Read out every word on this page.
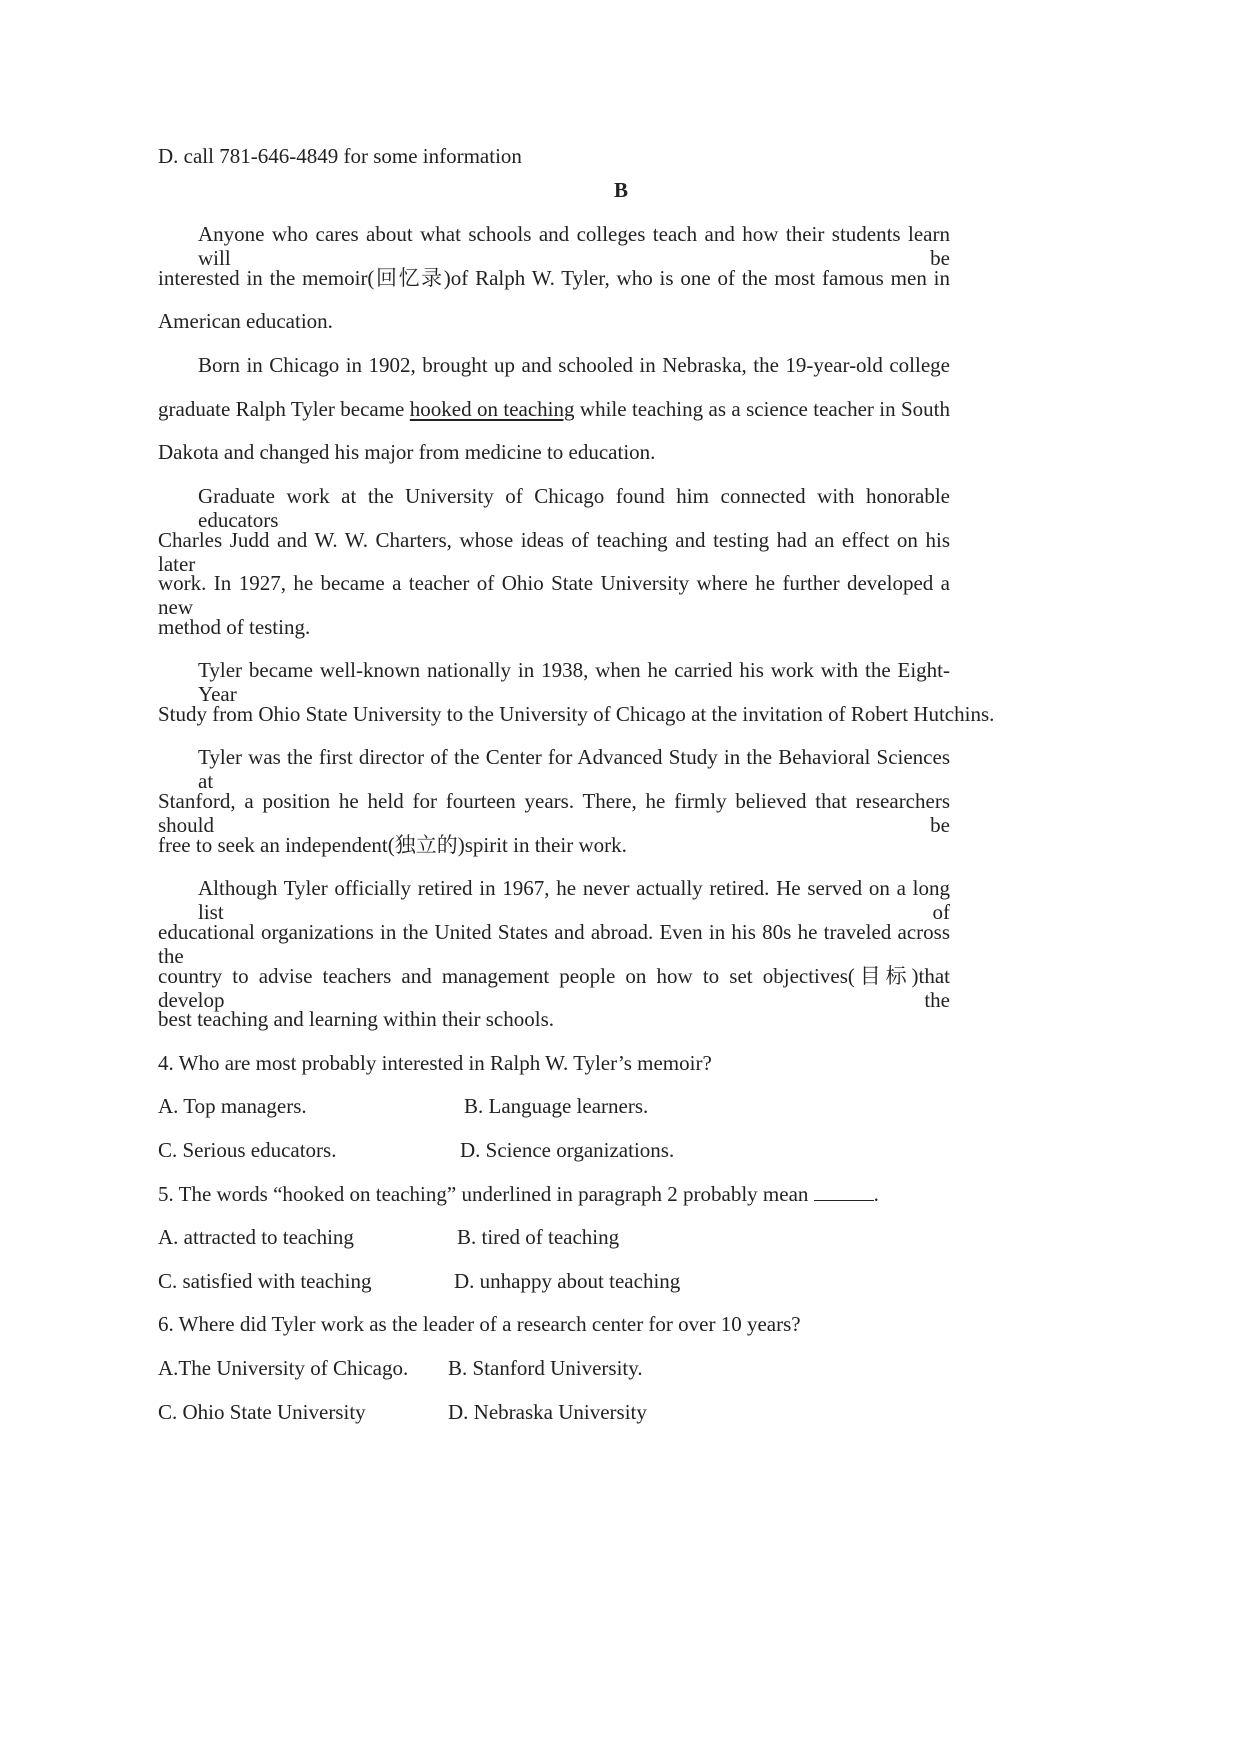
D. call 781-646-4849 for some information
B
Anyone who cares about what schools and colleges teach and how their students learn will be
interested in the memoir(回忆录)of Ralph W. Tyler, who is one of the most famous men in
American education.
Born in Chicago in 1902, brought up and schooled in Nebraska, the 19-year-old college
graduate Ralph Tyler became hooked on teaching while teaching as a science teacher in South
Dakota and changed his major from medicine to education.
Graduate work at the University of Chicago found him connected with honorable educators
Charles Judd and W. W. Charters, whose ideas of teaching and testing had an effect on his later
work. In 1927, he became a teacher of Ohio State University where he further developed a new
method of testing.
Tyler became well-known nationally in 1938, when he carried his work with the Eight-Year
Study from Ohio State University to the University of Chicago at the invitation of Robert Hutchins.
Tyler was the first director of the Center for Advanced Study in the Behavioral Sciences at
Stanford, a position he held for fourteen years. There, he firmly believed that researchers should be
free to seek an independent(独立的)spirit in their work.
Although Tyler officially retired in 1967, he never actually retired. He served on a long list of
educational organizations in the United States and abroad. Even in his 80s he traveled across the
country to advise teachers and management people on how to set objectives(目标)that develop the
best teaching and learning within their schools.
4. Who are most probably interested in Ralph W. Tyler’s memoir?
A. Top managers.	B. Language learners.
C. Serious educators.	D. Science organizations.
5. The words “hooked on teaching” underlined in paragraph 2 probably mean	.
A. attracted to teaching	B. tired of teaching
C. satisfied with teaching	D. unhappy about teaching
6. Where did Tyler work as the leader of a research center for over 10 years?
A.The University of Chicago. B. Stanford University.
C. Ohio State University	D. Nebraska University
